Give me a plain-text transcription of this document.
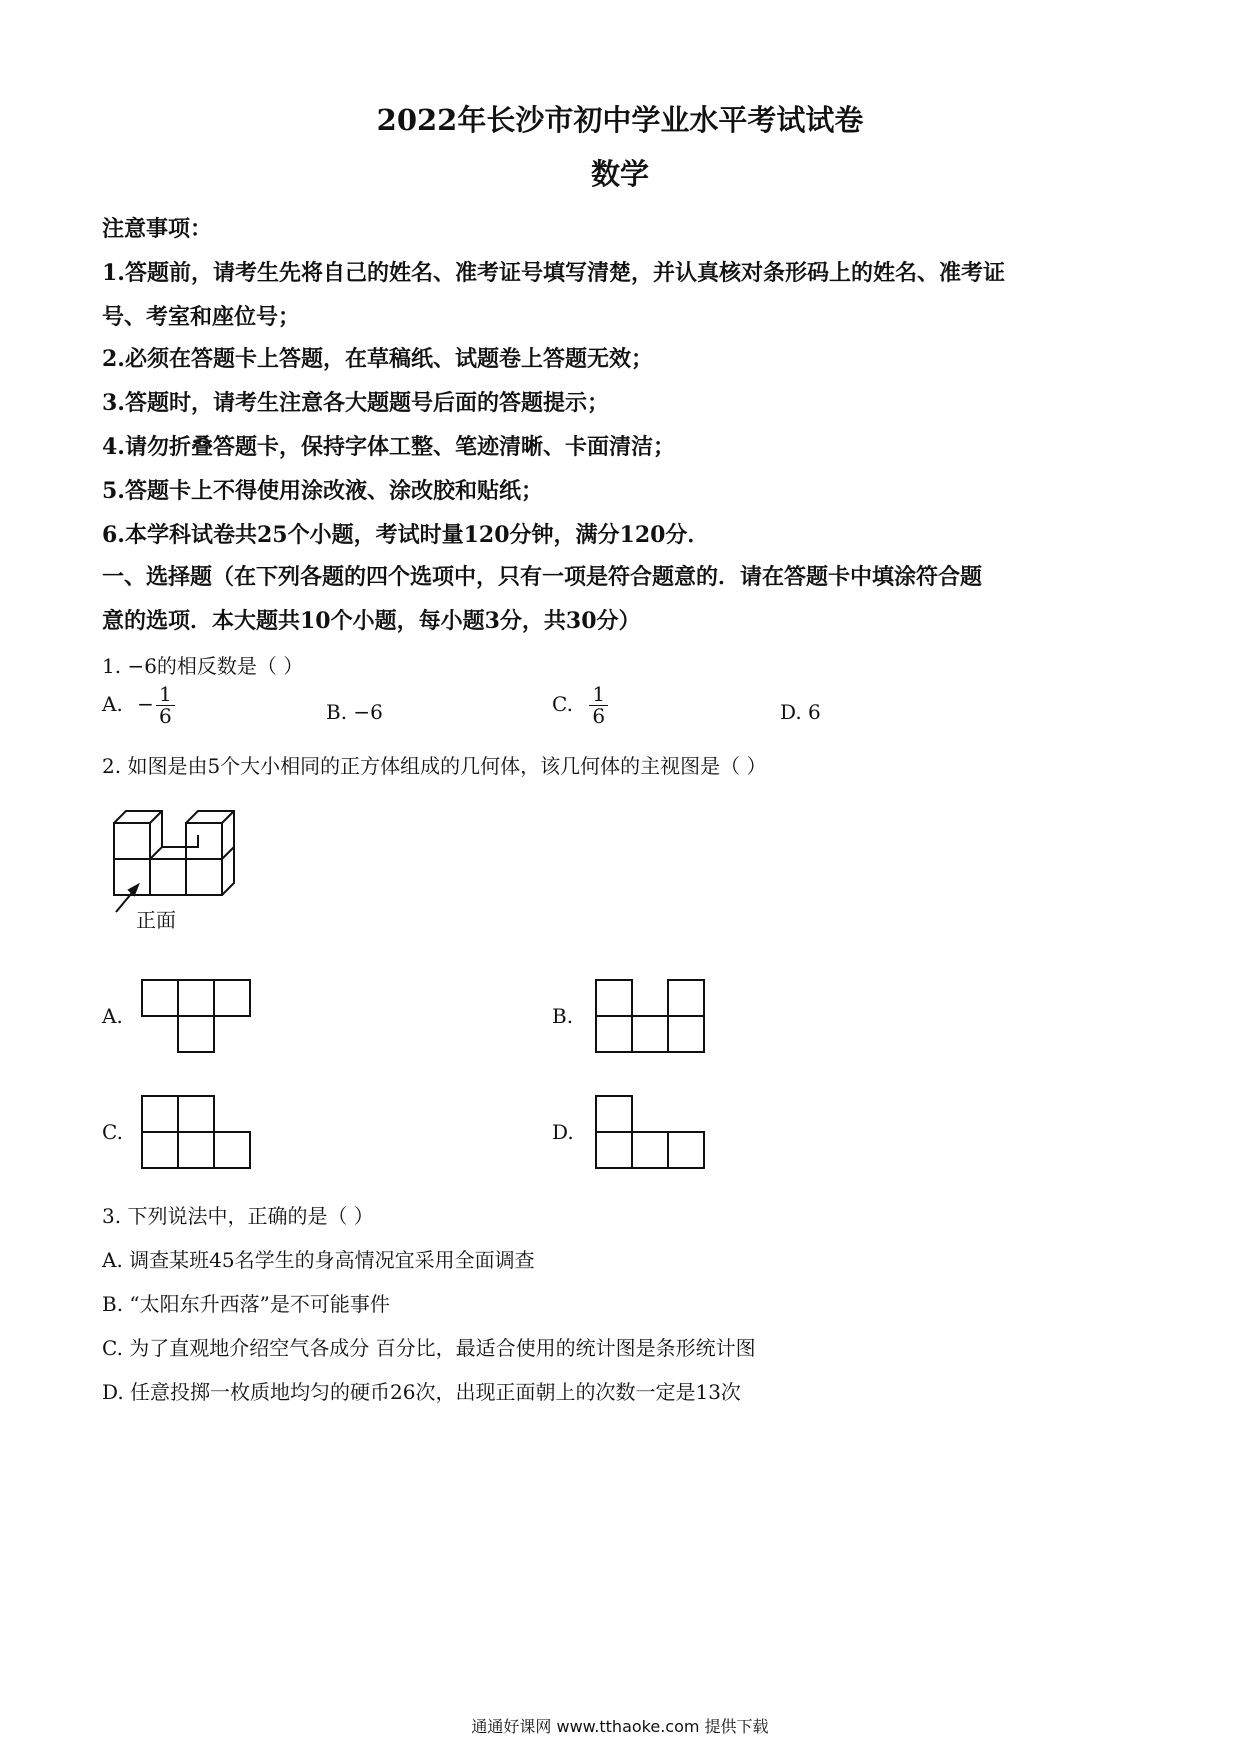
2022年长沙市初中学业水平考试试卷
数学
注意事项：
1.答题前，请考生先将自己的姓名、准考证号填写清楚，并认真核对条形码上的姓名、准考证
号、考室和座位号；
2.必须在答题卡上答题，在草稿纸、试题卷上答题无效；
3.答题时，请考生注意各大题题号后面的答题提示；
4.请勿折叠答题卡，保持字体工整、笔迹清晰、卡面清洁；
5.答题卡上不得使用涂改液、涂改胶和贴纸；
6.本学科试卷共25个小题，考试时量120分钟，满分120分．
一、选择题（在下列各题的四个选项中，只有一项是符合题意的．请在答题卡中填涂符合题
意的选项．本大题共10个小题，每小题3分，共30分）
1. −6的相反数是（ ）
A. − $\frac{1}{6}$	B. −6	C. $\frac{1}{6}$	D. 6
2. 如图是由5个大小相同的正方体组成的几何体，该几何体的主视图是（ ）
正面
A.	B.
C.	D.
3. 下列说法中，正确的是（ ）
A. 调查某班45名学生的身高情况宜采用全面调查
B. “太阳东升西落”是不可能事件
C. 为了直观地介绍空气各成分 百分比，最适合使用的统计图是条形统计图
D. 任意投掷一枚质地均匀的硬币26次，出现正面朝上的次数一定是13次
通通好课网 www.tthaoke.com 提供下载
